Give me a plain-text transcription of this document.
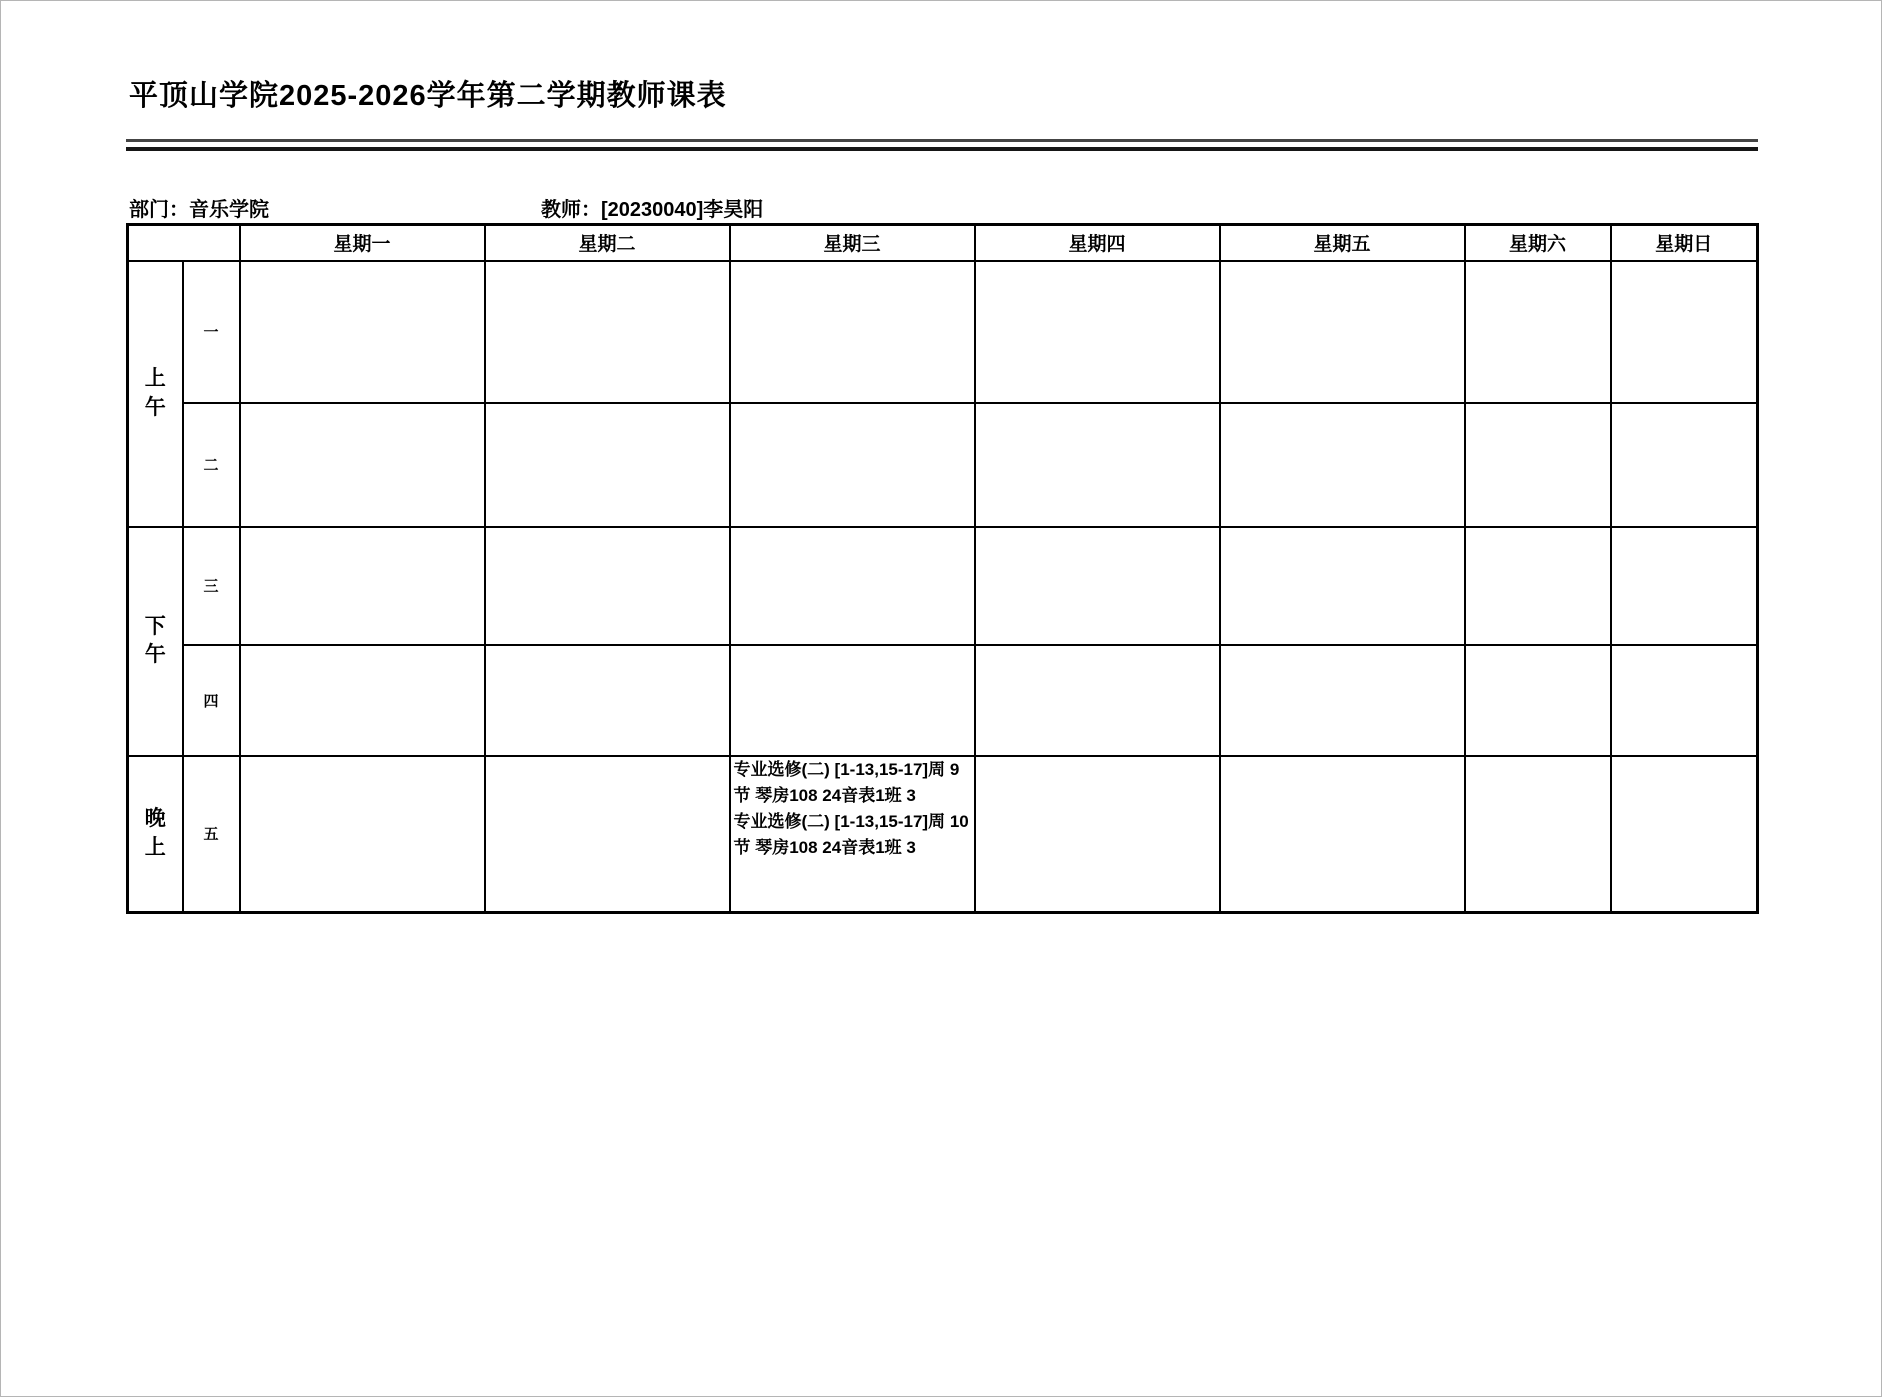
平顶山学院2025-2026学年第二学期教师课表
部门：音乐学院	教师：[20230040]李昊阳
		星期一	星期二	星期三	星期四	星期五	星期六	星期日

上午	一							
	二							

下午	三							
	四							

晚上	五			专业选修(二) [1-13,15-17]周 9节 琴房108 24音表1班 3
专业选修(二) [1-13,15-17]周 10节 琴房108 24音表1班 3				
